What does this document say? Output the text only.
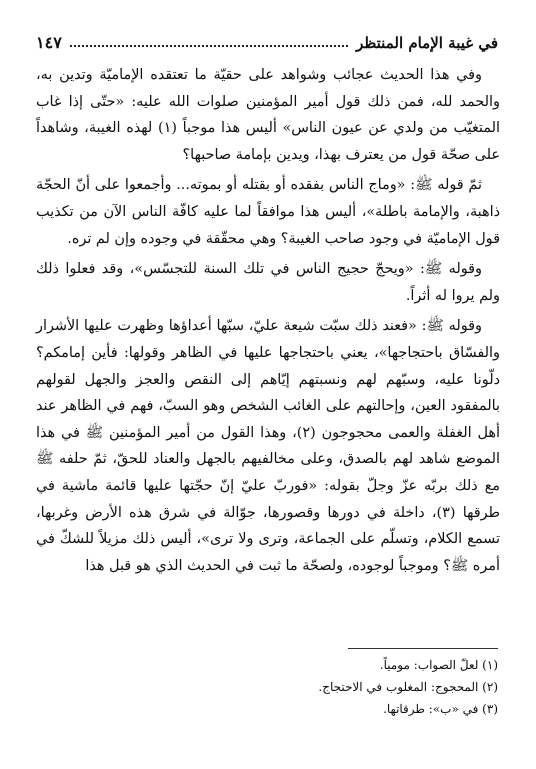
في غيبة الإمام المنتظر
١٤٧

وفي هذا الحديث عجائب وشواهد على حقيّة ما تعتقده الإماميّة وتدين به، والحمد لله، فمن ذلك قول أمير المؤمنين صلوات الله عليه: «حتّى إذا غاب المتغيّب من ولدي عن عيون الناس» أليس هذا موجباً (١) لهذه الغيبة، وشاهداً على صحّة قول من يعترف بهذا، ويدين بإمامة صاحبها؟

ثمّ قوله ﷺ: «وماج الناس بفقده أو بقتله أو بموته... وأجمعوا على أنّ الحجّة ذاهبة، والإمامة باطلة»، أليس هذا موافقاً لما عليه كافّة الناس الآن من تكذيب قول الإماميّة في وجود صاحب الغيبة؟ وهي محقّقة في وجوده وإن لم تره.

وقوله ﷺ: «ويحجّ حجيج الناس في تلك السنة للتجسّس»، وقد فعلوا ذلك ولم يروا له أثراً.

وقوله ﷺ: «فعند ذلك سبّت شيعة عليّ، سبّها أعداؤها وظهرت عليها الأشرار والفسّاق باحتجاجها»، يعني باحتجاجها عليها في الظاهر وقولها: فأين إمامكم؟ دلّونا عليه، وسبّهم لهم ونسبتهم إيّاهم إلى النقص والعجز والجهل لقولهم بالمفقود العين، وإحالتهم على الغائب الشخص وهو السبّ، فهم في الظاهر عند أهل الغفلة والعمى محجوجون (٢)، وهذا القول من أمير المؤمنين ﷺ في هذا الموضع شاهد لهم بالصدق، وعلى مخالفيهم بالجهل والعناد للحقّ، ثمّ حلفه ﷺ مع ذلك بربّه عزّ وجلّ بقوله: «فوربّ عليّ إنّ حجّتها عليها قائمة ماشية في طرقها (٣)، داخلة في دورها وقصورها، جوّالة في شرق هذه الأرض وغربها، تسمع الكلام، وتسلّم على الجماعة، وترى ولا ترى»، أليس ذلك مزيلاً للشكّ في أمره ﷺ؟ وموجباً لوجوده، ولصحّة ما ثبت في الحديث الذي هو قبل هذا

(١) لعلّ الصواب: مومياً.
(٢) المحجوج: المغلوب في الاحتجاج.
(٣) في «ب»: طرقاتها.
